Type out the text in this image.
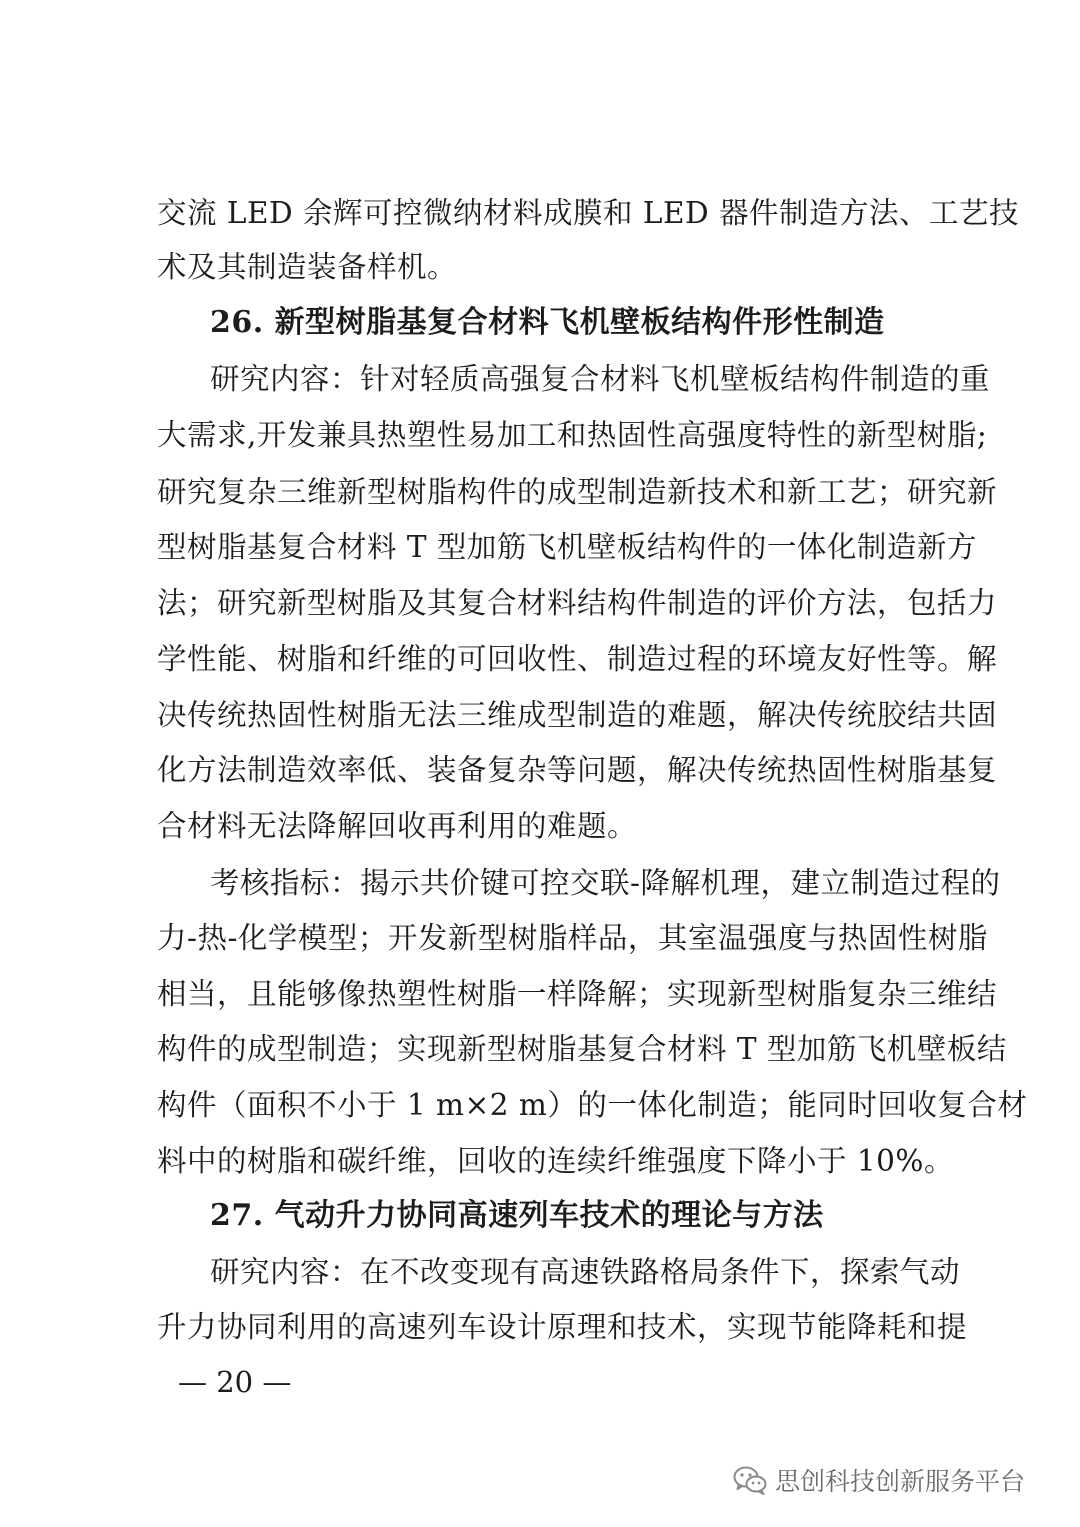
交流 LED 余辉可控微纳材料成膜和 LED 器件制造方法、工艺技
术及其制造装备样机。
26. 新型树脂基复合材料飞机壁板结构件形性制造
研究内容：针对轻质高强复合材料飞机壁板结构件制造的重
大需求,开发兼具热塑性易加工和热固性高强度特性的新型树脂;
研究复杂三维新型树脂构件的成型制造新技术和新工艺；研究新
型树脂基复合材料 T 型加筋飞机壁板结构件的一体化制造新方
法；研究新型树脂及其复合材料结构件制造的评价方法，包括力
学性能、树脂和纤维的可回收性、制造过程的环境友好性等。解
决传统热固性树脂无法三维成型制造的难题，解决传统胶结共固
化方法制造效率低、装备复杂等问题，解决传统热固性树脂基复
合材料无法降解回收再利用的难题。
考核指标：揭示共价键可控交联-降解机理，建立制造过程的
力-热-化学模型；开发新型树脂样品，其室温强度与热固性树脂
相当，且能够像热塑性树脂一样降解；实现新型树脂复杂三维结
构件的成型制造；实现新型树脂基复合材料 T 型加筋飞机壁板结
构件（面积不小于 1 m×2 m）的一体化制造；能同时回收复合材
料中的树脂和碳纤维，回收的连续纤维强度下降小于 10%。
27. 气动升力协同高速列车技术的理论与方法
研究内容：在不改变现有高速铁路格局条件下，探索气动
升力协同利用的高速列车设计原理和技术，实现节能降耗和提
— 20 —
思创科技创新服务平台
